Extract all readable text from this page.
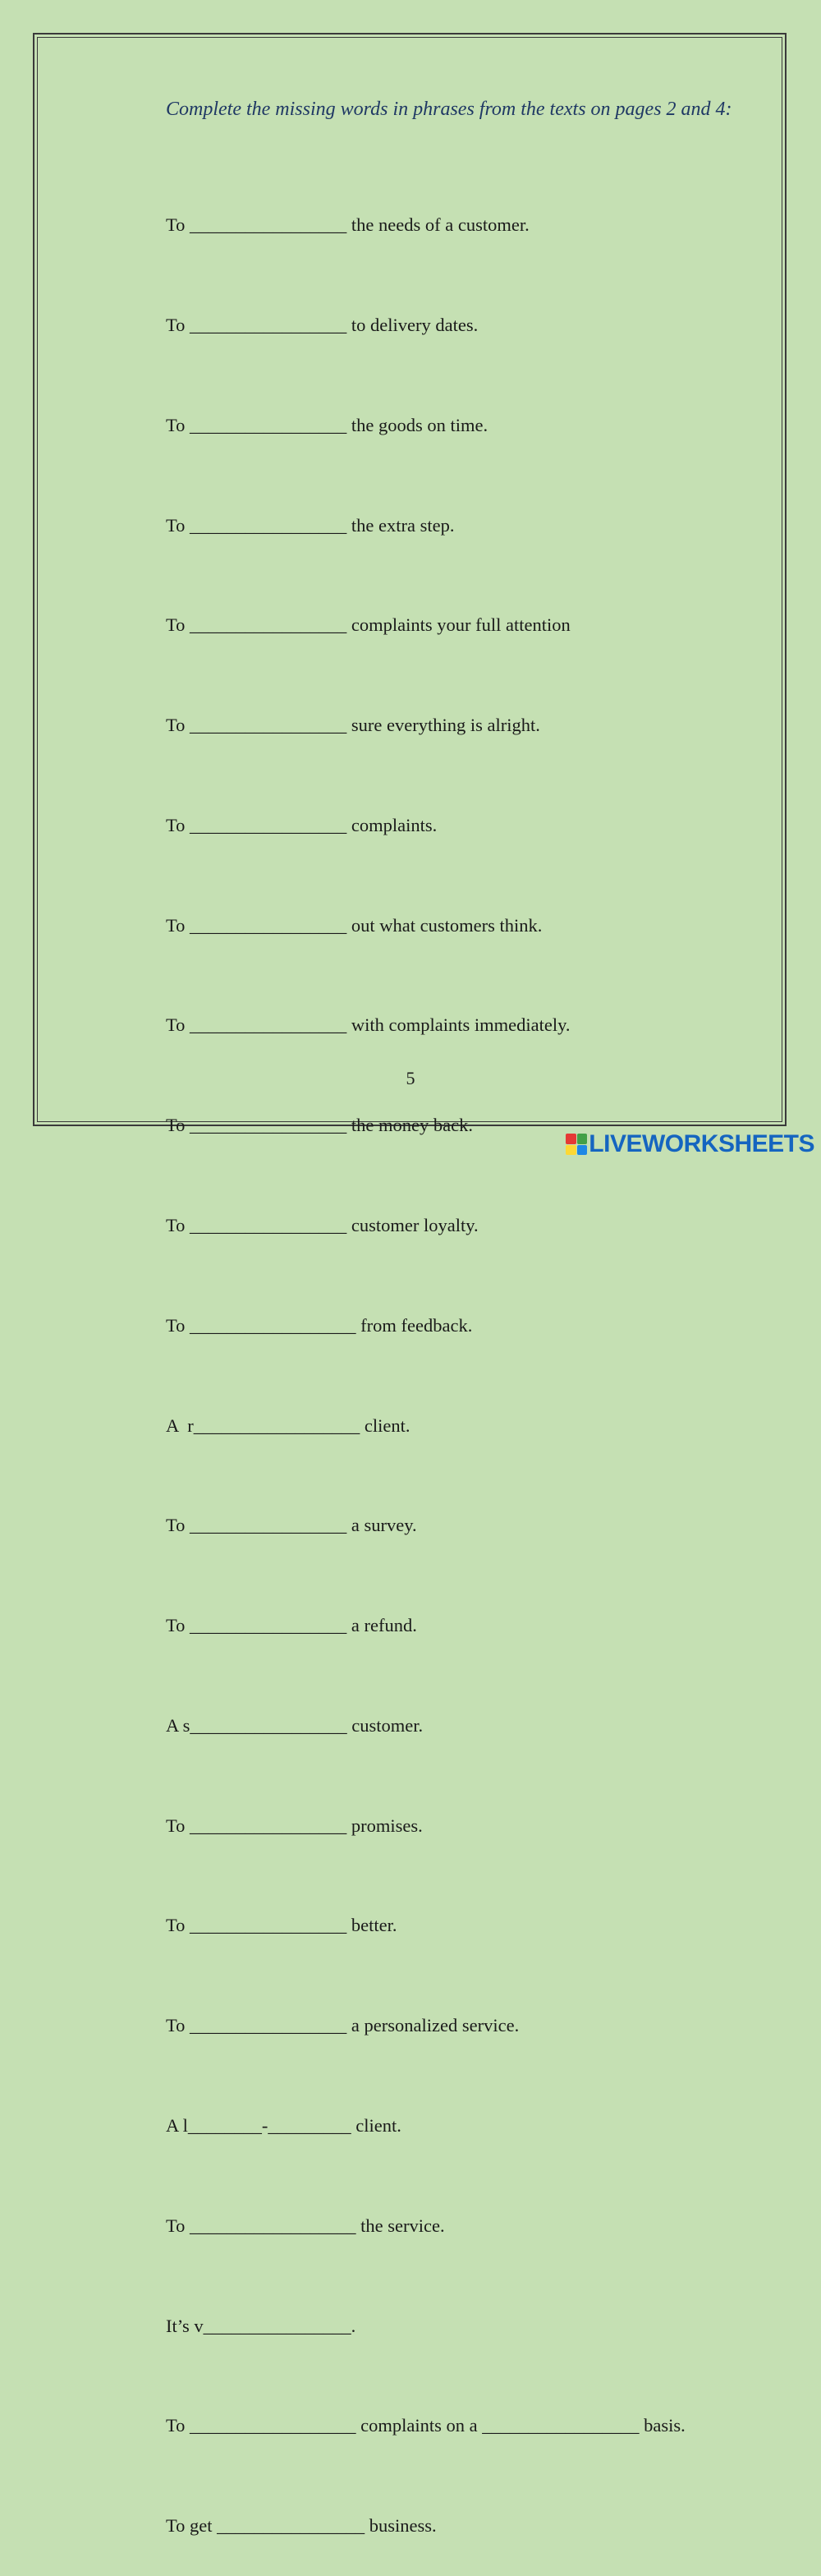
Complete the missing words in phrases from the texts on pages 2 and 4:

To _________________ the needs of a customer.

To _________________ to delivery dates.

To _________________ the goods on time.

To _________________ the extra step.

To _________________ complaints your full attention

To _________________ sure everything is alright.

To _________________ complaints.

To _________________ out what customers think.

To _________________ with complaints immediately.

To _________________ the money back.

To _________________ customer loyalty.

To __________________ from feedback.

A  r__________________ client.

To _________________ a survey.

To _________________ a refund.

A s_________________ customer.

To _________________ promises.

To _________________ better.

To _________________ a personalized service.

A l________-_________ client.

To __________________ the service.

It’s v________________.

To __________________ complaints on a _________________ basis.

To get ________________ business.

5
LIVEWORKSHEETS
